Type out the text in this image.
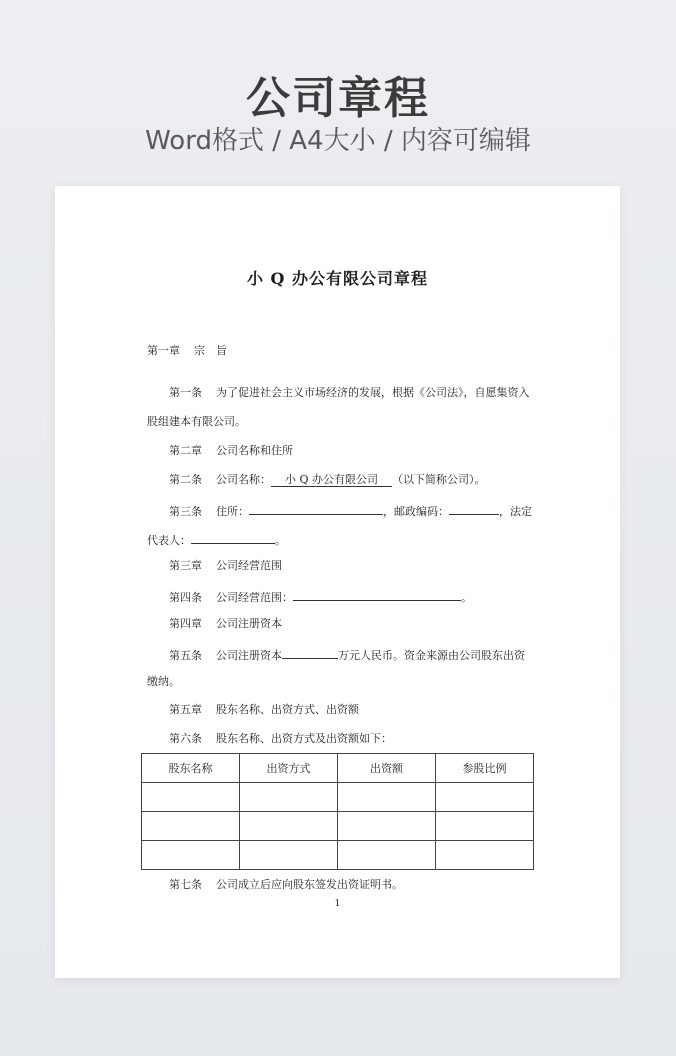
公司章程
Word格式 / A4大小 / 内容可编辑
小 Q 办公有限公司章程
第一章 宗　旨
第一条 为了促进社会主义市场经济的发展，根据《公司法》，自愿集资入
股组建本有限公司。
第二章 公司名称和住所
第二条 公司名称： 小 Q 办公有限公司 （以下简称公司）。
第三条 住所：	，邮政编码：	，法定
代表人：	。
第三章 公司经营范围
第四条 公司经营范围：	。
第四章 公司注册资本
第五条 公司注册资本	万元人民币。资金来源由公司股东出资
缴纳。
第五章 股东名称、出资方式、出资额
第六条 股东名称、出资方式及出资额如下：
股东名称	出资方式	出资额	参股比例

第七条 公司成立后应向股东签发出资证明书。
1
